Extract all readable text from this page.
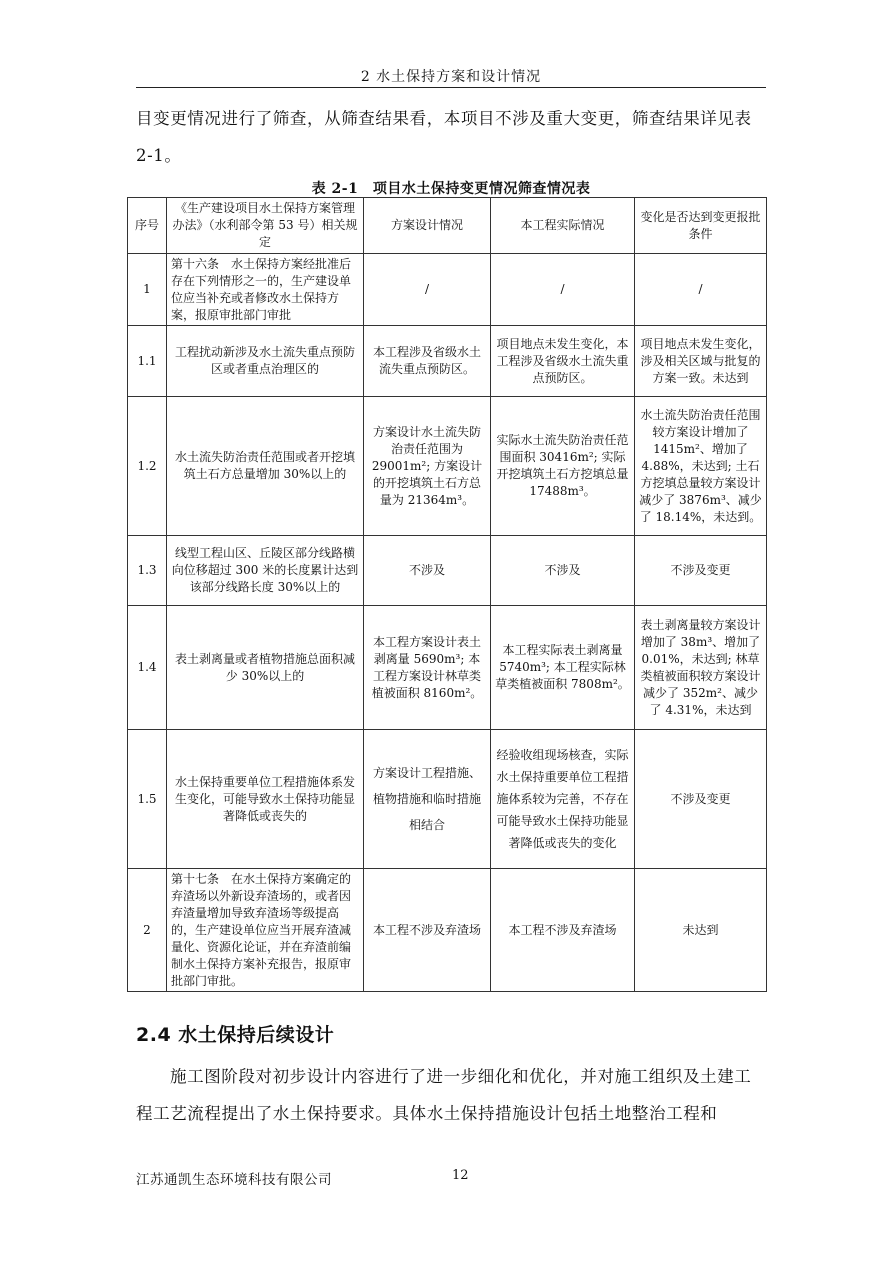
2 水土保持方案和设计情况

目变更情况进行了筛查，从筛查结果看，本项目不涉及重大变更，筛查结果详见表 2-1。

表 2-1　项目水土保持变更情况筛查情况表
序号	《生产建设项目水土保持方案管理办法》（水利部令第 53 号）相关规定	方案设计情况	本工程实际情况	变化是否达到变更报批条件
1	第十六条　水土保持方案经批准后存在下列情形之一的，生产建设单位应当补充或者修改水土保持方案，报原审批部门审批	/	/	/
1.1	工程扰动新涉及水土流失重点预防区或者重点治理区的	本工程涉及省级水土流失重点预防区。	项目地点未发生变化，本工程涉及省级水土流失重点预防区。	项目地点未发生变化，涉及相关区域与批复的方案一致。未达到
1.2	水土流失防治责任范围或者开挖填筑土石方总量增加 30%以上的	方案设计水土流失防治责任范围为 29001m²; 方案设计的开挖填筑土石方总量为 21364m³。	实际水土流失防治责任范围面积 30416m²; 实际开挖填筑土石方挖填总量 17488m³。	水土流失防治责任范围较方案设计增加了 1415m²、增加了 4.88%，未达到; 土石方挖填总量较方案设计减少了 3876m³、减少了 18.14%，未达到。
1.3	线型工程山区、丘陵区部分线路横向位移超过 300 米的长度累计达到该部分线路长度 30%以上的	不涉及	不涉及	不涉及变更
1.4	表土剥离量或者植物措施总面积减少 30%以上的	本工程方案设计表土剥离量 5690m³; 本工程方案设计林草类植被面积 8160m²。	本工程实际表土剥离量 5740m³; 本工程实际林草类植被面积 7808m²。	表土剥离量较方案设计增加了 38m³、增加了 0.01%，未达到; 林草类植被面积较方案设计减少了 352m²、减少了 4.31%，未达到
1.5	水土保持重要单位工程措施体系发生变化，可能导致水土保持功能显著降低或丧失的	方案设计工程措施、植物措施和临时措施相结合	经验收组现场核查，实际水土保持重要单位工程措施体系较为完善，不存在可能导致水土保持功能显著降低或丧失的变化	不涉及变更
2	第十七条　在水土保持方案确定的弃渣场以外新设弃渣场的，或者因弃渣量增加导致弃渣场等级提高的，生产建设单位应当开展弃渣减量化、资源化论证，并在弃渣前编制水土保持方案补充报告，报原审批部门审批。	本工程不涉及弃渣场	本工程不涉及弃渣场	未达到
2.4 水土保持后续设计

施工图阶段对初步设计内容进行了进一步细化和优化，并对施工组织及土建工程工艺流程提出了水土保持要求。具体水土保持措施设计包括土地整治工程和

江苏通凯生态环境科技有限公司	12
